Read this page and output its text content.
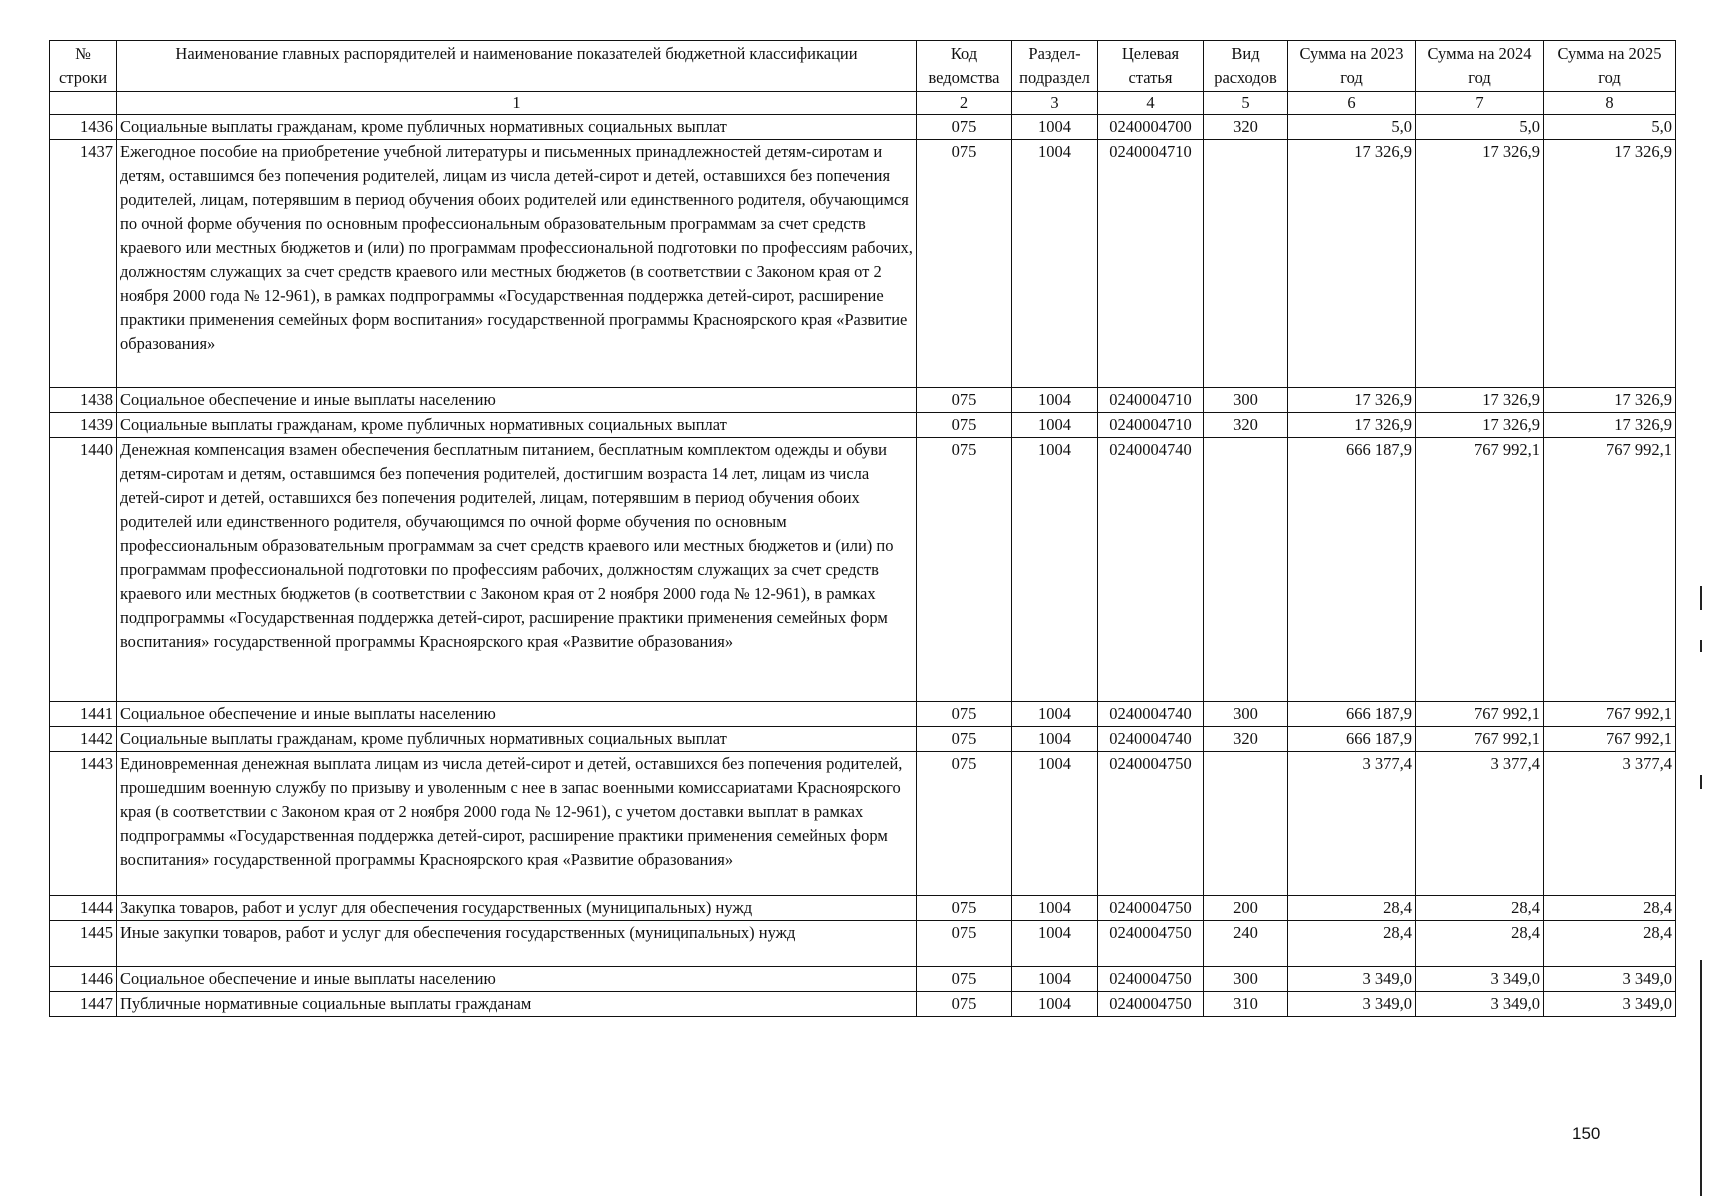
№ строки	Наименование главных распорядителей и наименование показателей бюджетной классификации	Код ведомства	Раздел-подраздел	Целевая статья	Вид расходов	Сумма на 2023 год	Сумма на 2024 год	Сумма на 2025 год
	1	2	3	4	5	6	7	8
1436	Социальные выплаты гражданам, кроме публичных нормативных социальных выплат	075	1004	0240004700	320	5,0	5,0	5,0
1437	Ежегодное пособие на приобретение учебной литературы и письменных принадлежностей детям-сиротам и детям, оставшимся без попечения родителей, лицам из числа детей-сирот и детей, оставшихся без попечения родителей, лицам, потерявшим в период обучения обоих родителей или единственного родителя, обучающимся по очной форме обучения по основным профессиональным образовательным программам за счет средств краевого или местных бюджетов и (или) по программам профессиональной подготовки по профессиям рабочих, должностям служащих за счет средств краевого или местных бюджетов (в соответствии с Законом края от 2 ноября 2000 года № 12-961), в рамках подпрограммы «Государственная поддержка детей-сирот, расширение практики применения семейных форм воспитания» государственной программы Красноярского края «Развитие образования»	075	1004	0240004710		17 326,9	17 326,9	17 326,9
1438	Социальное обеспечение и иные выплаты населению	075	1004	0240004710	300	17 326,9	17 326,9	17 326,9
1439	Социальные выплаты гражданам, кроме публичных нормативных социальных выплат	075	1004	0240004710	320	17 326,9	17 326,9	17 326,9
1440	Денежная компенсация взамен обеспечения бесплатным питанием, бесплатным комплектом одежды и обуви детям-сиротам и детям, оставшимся без попечения родителей, достигшим возраста 14 лет, лицам из числа детей-сирот и детей, оставшихся без попечения родителей, лицам, потерявшим в период обучения обоих родителей или единственного родителя, обучающимся по очной форме обучения по основным профессиональным образовательным программам за счет средств краевого или местных бюджетов и (или) по программам профессиональной подготовки по профессиям рабочих, должностям служащих за счет средств краевого или местных бюджетов (в соответствии с Законом края от 2 ноября 2000 года № 12-961), в рамках подпрограммы «Государственная поддержка детей-сирот, расширение практики применения семейных форм воспитания» государственной программы Красноярского края «Развитие образования»	075	1004	0240004740		666 187,9	767 992,1	767 992,1
1441	Социальное обеспечение и иные выплаты населению	075	1004	0240004740	300	666 187,9	767 992,1	767 992,1
1442	Социальные выплаты гражданам, кроме публичных нормативных социальных выплат	075	1004	0240004740	320	666 187,9	767 992,1	767 992,1
1443	Единовременная денежная выплата лицам из числа детей-сирот и детей, оставшихся без попечения родителей, прошедшим военную службу по призыву и уволенным с нее в запас военными комиссариатами Красноярского края (в соответствии с Законом края от 2 ноября 2000 года № 12-961), с учетом доставки выплат в рамках подпрограммы «Государственная поддержка детей-сирот, расширение практики применения семейных форм воспитания» государственной программы Красноярского края «Развитие образования»	075	1004	0240004750		3 377,4	3 377,4	3 377,4
1444	Закупка товаров, работ и услуг для обеспечения государственных (муниципальных) нужд	075	1004	0240004750	200	28,4	28,4	28,4
1445	Иные закупки товаров, работ и услуг для обеспечения государственных (муниципальных) нужд	075	1004	0240004750	240	28,4	28,4	28,4
1446	Социальное обеспечение и иные выплаты населению	075	1004	0240004750	300	3 349,0	3 349,0	3 349,0
1447	Публичные нормативные социальные выплаты гражданам	075	1004	0240004750	310	3 349,0	3 349,0	3 349,0
150
